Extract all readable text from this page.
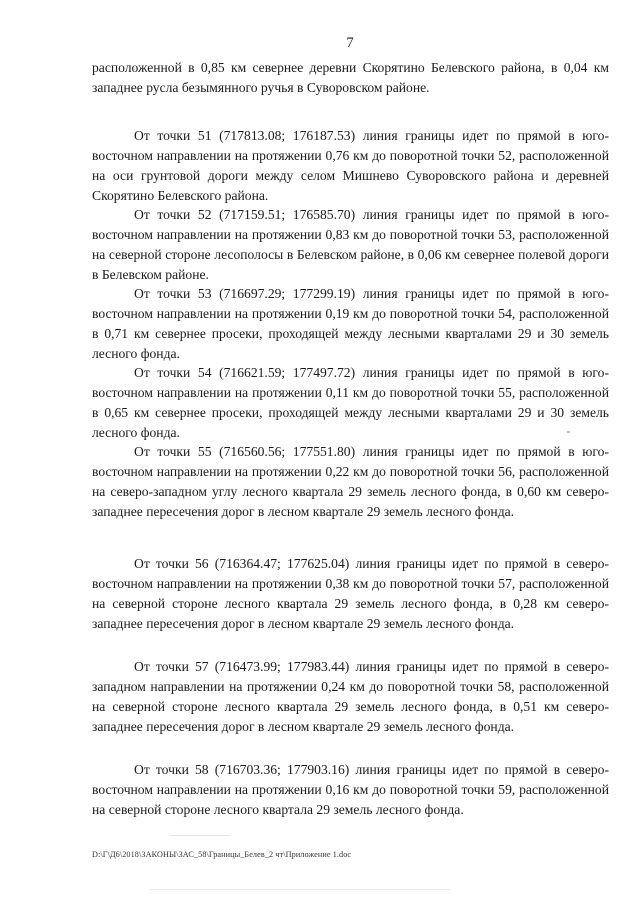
7

расположенной в 0,85 км севернее деревни Скорятино Белевского района, в 0,04 км западнее русла безымянного ручья в Суворовском районе.

От точки 51 (717813.08; 176187.53) линия границы идет по прямой в юго-восточном направлении на протяжении 0,76 км до поворотной точки 52, расположенной на оси грунтовой дороги между селом Мишнево Суворовского района и деревней Скорятино Белевского района.

От точки 52 (717159.51; 176585.70) линия границы идет по прямой в юго-восточном направлении на протяжении 0,83 км до поворотной точки 53, расположенной на северной стороне лесополосы в Белевском районе, в 0,06 км севернее полевой дороги в Белевском районе.

От точки 53 (716697.29; 177299.19) линия границы идет по прямой в юго-восточном направлении на протяжении 0,19 км до поворотной точки 54, расположенной в 0,71 км севернее просеки, проходящей между лесными кварталами 29 и 30 земель лесного фонда.

От точки 54 (716621.59; 177497.72) линия границы идет по прямой в юго-восточном направлении на протяжении 0,11 км до поворотной точки 55, расположенной в 0,65 км севернее просеки, проходящей между лесными кварталами 29 и 30 земель лесного фонда.

От точки 55 (716560.56; 177551.80) линия границы идет по прямой в юго-восточном направлении на протяжении 0,22 км до поворотной точки 56, расположенной на северо-западном углу лесного квартала 29 земель лесного фонда, в 0,60 км северо-западнее пересечения дорог в лесном квартале 29 земель лесного фонда.

От точки 56 (716364.47; 177625.04) линия границы идет по прямой в северо-восточном направлении на протяжении 0,38 км до поворотной точки 57, расположенной на северной стороне лесного квартала 29 земель лесного фонда, в 0,28 км северо-западнее пересечения дорог в лесном квартале 29 земель лесного фонда.

От точки 57 (716473.99; 177983.44) линия границы идет по прямой в северо-западном направлении на протяжении 0,24 км до поворотной точки 58, расположенной на северной стороне лесного квартала 29 земель лесного фонда, в 0,51 км северо-западнее пересечения дорог в лесном квартале 29 земель лесного фонда.

От точки 58 (716703.36; 177903.16) линия границы идет по прямой в северо-восточном направлении на протяжении 0,16 км до поворотной точки 59, расположенной на северной стороне лесного квартала 29 земель лесного фонда.

D:\Г\Д6\2018\ЗАКОНЫ\ЗАС_58\Границы_Белев_2 чт\Приложение 1.doc
